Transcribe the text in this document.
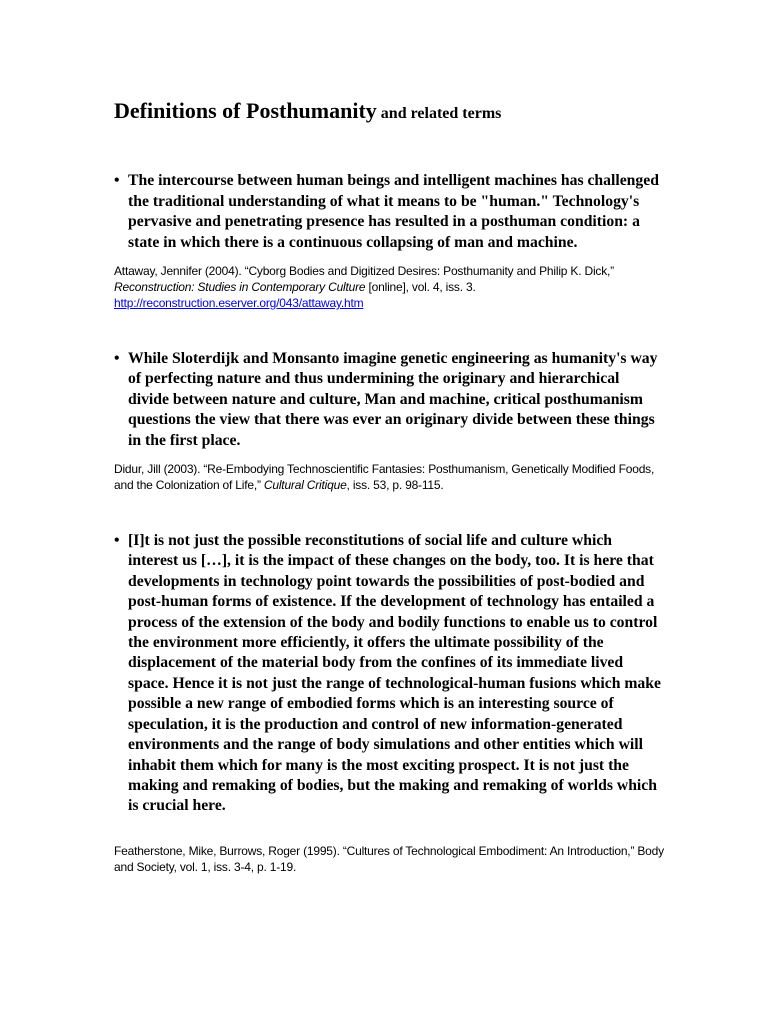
Definitions of Posthumanity and related terms

• The intercourse between human beings and intelligent machines has challenged the traditional understanding of what it means to be "human." Technology's pervasive and penetrating presence has resulted in a posthuman condition: a state in which there is a continuous collapsing of man and machine.

Attaway, Jennifer (2004). “Cyborg Bodies and Digitized Desires: Posthumanity and Philip K. Dick,” Reconstruction: Studies in Contemporary Culture [online], vol. 4, iss. 3.
http://reconstruction.eserver.org/043/attaway.htm

• While Sloterdijk and Monsanto imagine genetic engineering as humanity's way of perfecting nature and thus undermining the originary and hierarchical divide between nature and culture, Man and machine, critical posthumanism questions the view that there was ever an originary divide between these things in the first place.

Didur, Jill (2003). “Re-Embodying Technoscientific Fantasies: Posthumanism, Genetically Modified Foods, and the Colonization of Life,” Cultural Critique, iss. 53, p. 98-115.

• [I]t is not just the possible reconstitutions of social life and culture which interest us […], it is the impact of these changes on the body, too. It is here that developments in technology point towards the possibilities of post-bodied and post-human forms of existence. If the development of technology has entailed a process of the extension of the body and bodily functions to enable us to control the environment more efficiently, it offers the ultimate possibility of the displacement of the material body from the confines of its immediate lived space. Hence it is not just the range of technological-human fusions which make possible a new range of embodied forms which is an interesting source of speculation, it is the production and control of new information-generated environments and the range of body simulations and other entities which will inhabit them which for many is the most exciting prospect. It is not just the making and remaking of bodies, but the making and remaking of worlds which is crucial here.

Featherstone, Mike, Burrows, Roger (1995). “Cultures of Technological Embodiment: An Introduction,” Body and Society, vol. 1, iss. 3-4, p. 1-19.
